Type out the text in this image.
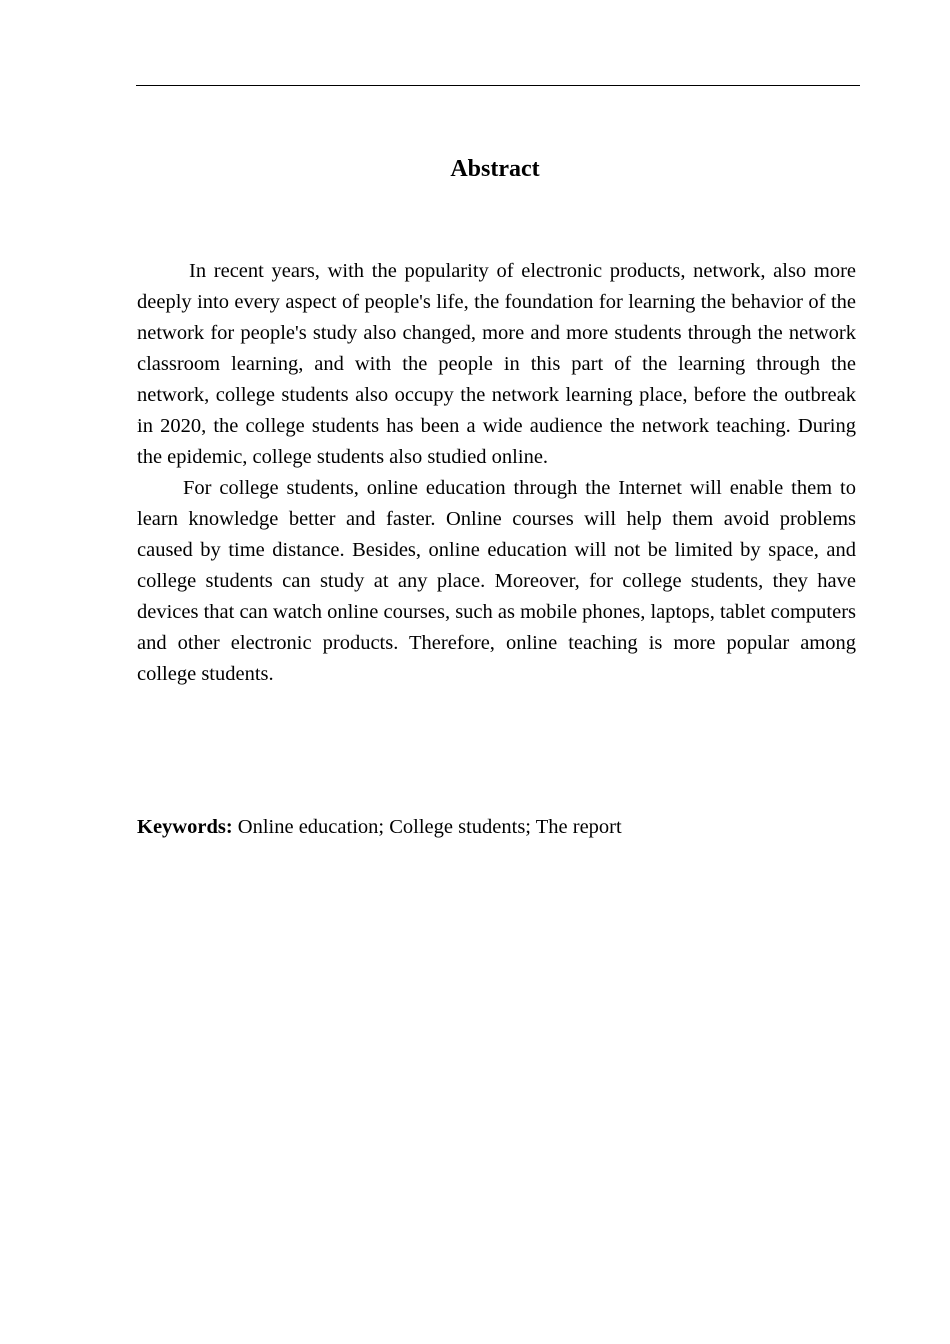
Abstract

In recent years, with the popularity of electronic products, network, also more deeply into every aspect of people's life, the foundation for learning the behavior of the network for people's study also changed, more and more students through the network classroom learning, and with the people in this part of the learning through the network, college students also occupy the network learning place, before the outbreak in 2020, the college students has been a wide audience the network teaching. During the epidemic, college students also studied online.

For college students, online education through the Internet will enable them to learn knowledge better and faster. Online courses will help them avoid problems caused by time distance. Besides, online education will not be limited by space, and college students can study at any place. Moreover, for college students, they have devices that can watch online courses, such as mobile phones, laptops, tablet computers and other electronic products. Therefore, online teaching is more popular among college students.

Keywords: Online education; College students; The report
